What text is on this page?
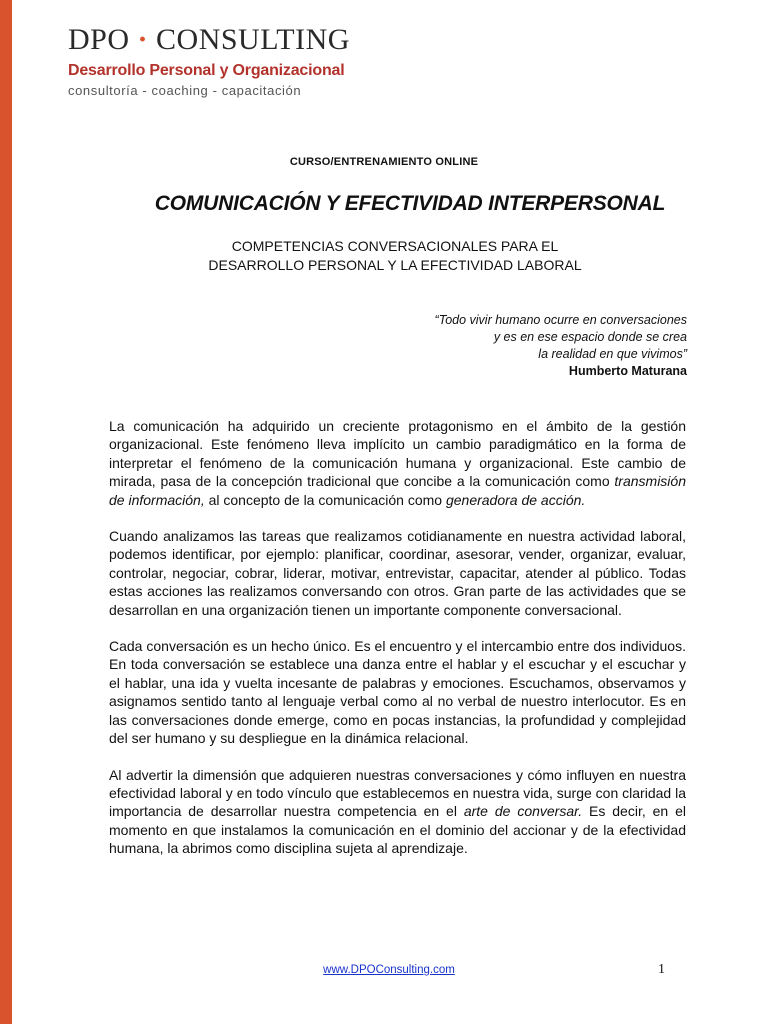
DPO · CONSULTING
Desarrollo Personal y Organizacional
consultoría - coaching - capacitación
CURSO/ENTRENAMIENTO ONLINE
COMUNICACIÓN Y EFECTIVIDAD INTERPERSONAL
COMPETENCIAS CONVERSACIONALES PARA EL
DESARROLLO PERSONAL Y LA EFECTIVIDAD LABORAL
“Todo vivir humano ocurre en conversaciones
y es en ese espacio donde se crea
la realidad en que vivimos”
Humberto Maturana

La comunicación ha adquirido un creciente protagonismo en el ámbito de la gestión organizacional. Este fenómeno lleva implícito un cambio paradigmático en la forma de interpretar el fenómeno de la comunicación humana y organizacional. Este cambio de mirada, pasa de la concepción tradicional que concibe a la comunicación como transmisión de información, al concepto de la comunicación como generadora de acción.

Cuando analizamos las tareas que realizamos cotidianamente en nuestra actividad laboral, podemos identificar, por ejemplo: planificar, coordinar, asesorar, vender, organizar, evaluar, controlar, negociar, cobrar, liderar, motivar, entrevistar, capacitar, atender al público. Todas estas acciones las realizamos conversando con otros. Gran parte de las actividades que se desarrollan en una organización tienen un importante componente conversacional.

Cada conversación es un hecho único. Es el encuentro y el intercambio entre dos individuos. En toda conversación se establece una danza entre el hablar y el escuchar y el escuchar y el hablar, una ida y vuelta incesante de palabras y emociones. Escuchamos, observamos y asignamos sentido tanto al lenguaje verbal como al no verbal de nuestro interlocutor. Es en las conversaciones donde emerge, como en pocas instancias, la profundidad y complejidad del ser humano y su despliegue en la dinámica relacional.

Al advertir la dimensión que adquieren nuestras conversaciones y cómo influyen en nuestra efectividad laboral y en todo vínculo que establecemos en nuestra vida, surge con claridad la importancia de desarrollar nuestra competencia en el arte de conversar. Es decir, en el momento en que instalamos la comunicación en el dominio del accionar y de la efectividad humana, la abrimos como disciplina sujeta al aprendizaje.

www.DPOConsulting.com	1
